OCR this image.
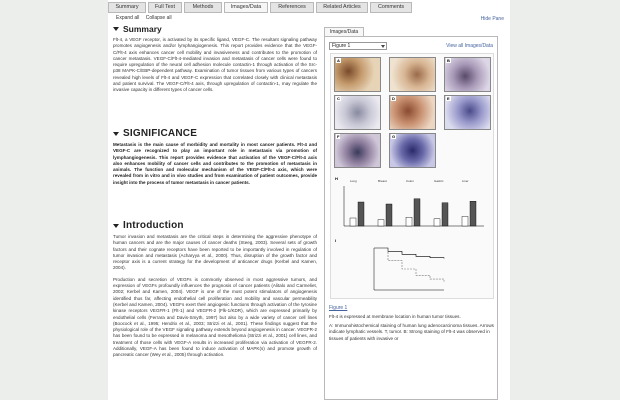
Summary	Full Text	Methods	Images/Data	References	Related Articles	Comments
Expand all Collapse all	Hide Pane
Summary
Flt-4, a VEGF receptor, is activated by its specific ligand, VEGF-C. The resultant signaling pathway promotes angiogenesis and/or lymphangiogenesis. This report provides evidence that the VEGF-C/Flt-4 axis enhances cancer cell mobility and invasiveness and contributes to the promotion of cancer metastasis. VEGF-C/Flt-4-mediated invasion and metastasis of cancer cells were found to require upregulation of the neural cell adhesion molecule contactin-1 through activation of the Src-p38 MAPK-C/EBP-dependent pathway. Examination of tumor tissues from various types of cancers revealed high levels of Flt-4 and VEGF-C expression that correlated closely with clinical metastasis and patient survival. The VEGF-C/Flt-4 axis, through upregulation of contactin-1, may regulate the invasive capacity in different types of cancer cells.
SIGNIFICANCE
Metastasis is the main cause of morbidity and mortality in most cancer patients. Flt-4 and VEGF-C are recognized to play an important role in metastasis via promotion of lymphangiogenesis. This report provides evidence that activation of the VEGF-C/Flt-4 axis also enhances mobility of cancer cells and contributes to the promotion of metastasis in animals. The function and molecular mechanism of the VEGF-C/Flt-4 axis, which were revealed from in vitro and in vivo studies and from examination of patient outcomes, provide insight into the process of tumor metastasis in cancer patients.
Introduction
Tumor invasion and metastasis are the critical steps in determining the aggressive phenotype of human cancers and are the major causes of cancer deaths (Steeg, 2003). Several sets of growth factors and their cognate receptors have been reported to be importantly involved in regulation of tumor invasion and metastasis (Acharyya et al., 2000). Thus, disruption of the growth factor and receptor axis is a current strategy for the development of anticancer drugs (Kerbel and Kamen, 2004).
Production and secretion of VEGFs is commonly observed in most aggressive tumors, and expression of VEGFs profoundly influences the prognosis of cancer patients (Alitalo and Carmeliet, 2002; Kerbel and Kamen, 2004). VEGF is one of the most potent stimulators of angiogenesis identified thus far, affecting endothelial cell proliferation and mobility and vascular permeability (Kerbel and Kamen, 2004). VEGFs exert their angiogenic functions through activation of the tyrosine kinase receptors VEGFR-1 (Flt-1) and VEGFR-2 (Flk-1/KDR), which are expressed primarily by endothelial cells (Ferrara and Davis-Smyth, 1997) but also by a wide variety of cancer cell lines (Boocock et al., 1995; Hendrix et al., 2003; Strizzi et al., 2001). These findings suggest that the physiological role of the VEGF signaling pathway extends beyond angiogenesis in cancer. VEGFR-2 has been found to be expressed in melanoma and mesothelioma (Strizzi et al., 2001) cell lines, and treatment of those cells with VEGF-A results in increased proliferation via activation of VEGFR-2. Additionally, VEGF-A has been found to induce activation of MAPK(s) and promote growth of pancreatic cancer (Wey et al., 2005) through activation.
Images/Data
Figure 1	View all Images/Data
A	B
C	D	E
F	G
H	Lung	Breast	Colon	Gastric	Liver
I
Figure 1
Flt-4 is expressed at membrane location in human tumor tissues.
A: Immunohistochemical staining of human lung adenocarcinoma tissues. Arrows indicate lymphatic vessels. T, tumor. B: Strong staining of Flt-4 was observed in tissues of patients with invasive or
